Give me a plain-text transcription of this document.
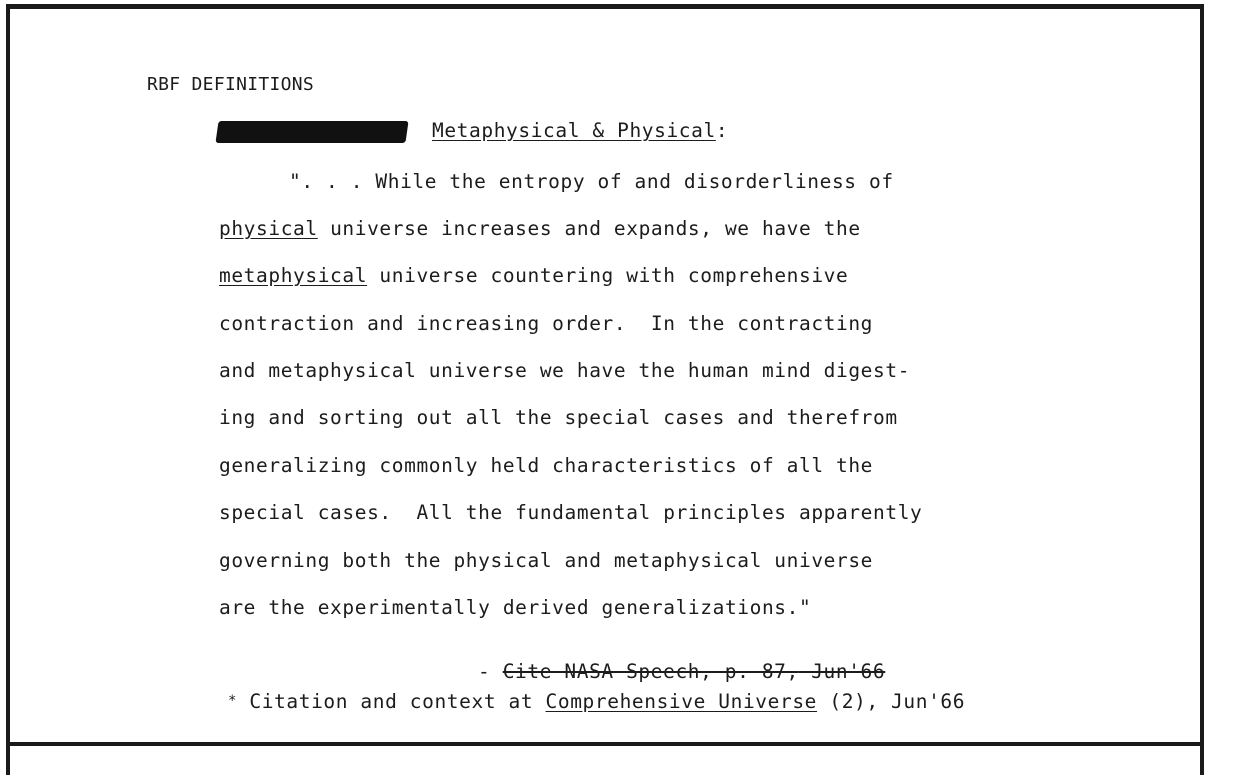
RBF DEFINITIONS
Metaphysical & Physical:
". . . While the entropy of and disorderliness of
physical universe increases and expands, we have the
metaphysical universe countering with comprehensive
contraction and increasing order.  In the contracting
and metaphysical universe we have the human mind digest-
ing and sorting out all the special cases and therefrom
generalizing commonly held characteristics of all the
special cases.  All the fundamental principles apparently
governing both the physical and metaphysical universe
are the experimentally derived generalizations."
- Cite NASA Speech, p. 87, Jun'66
* Citation and context at Comprehensive Universe (2), Jun'66
